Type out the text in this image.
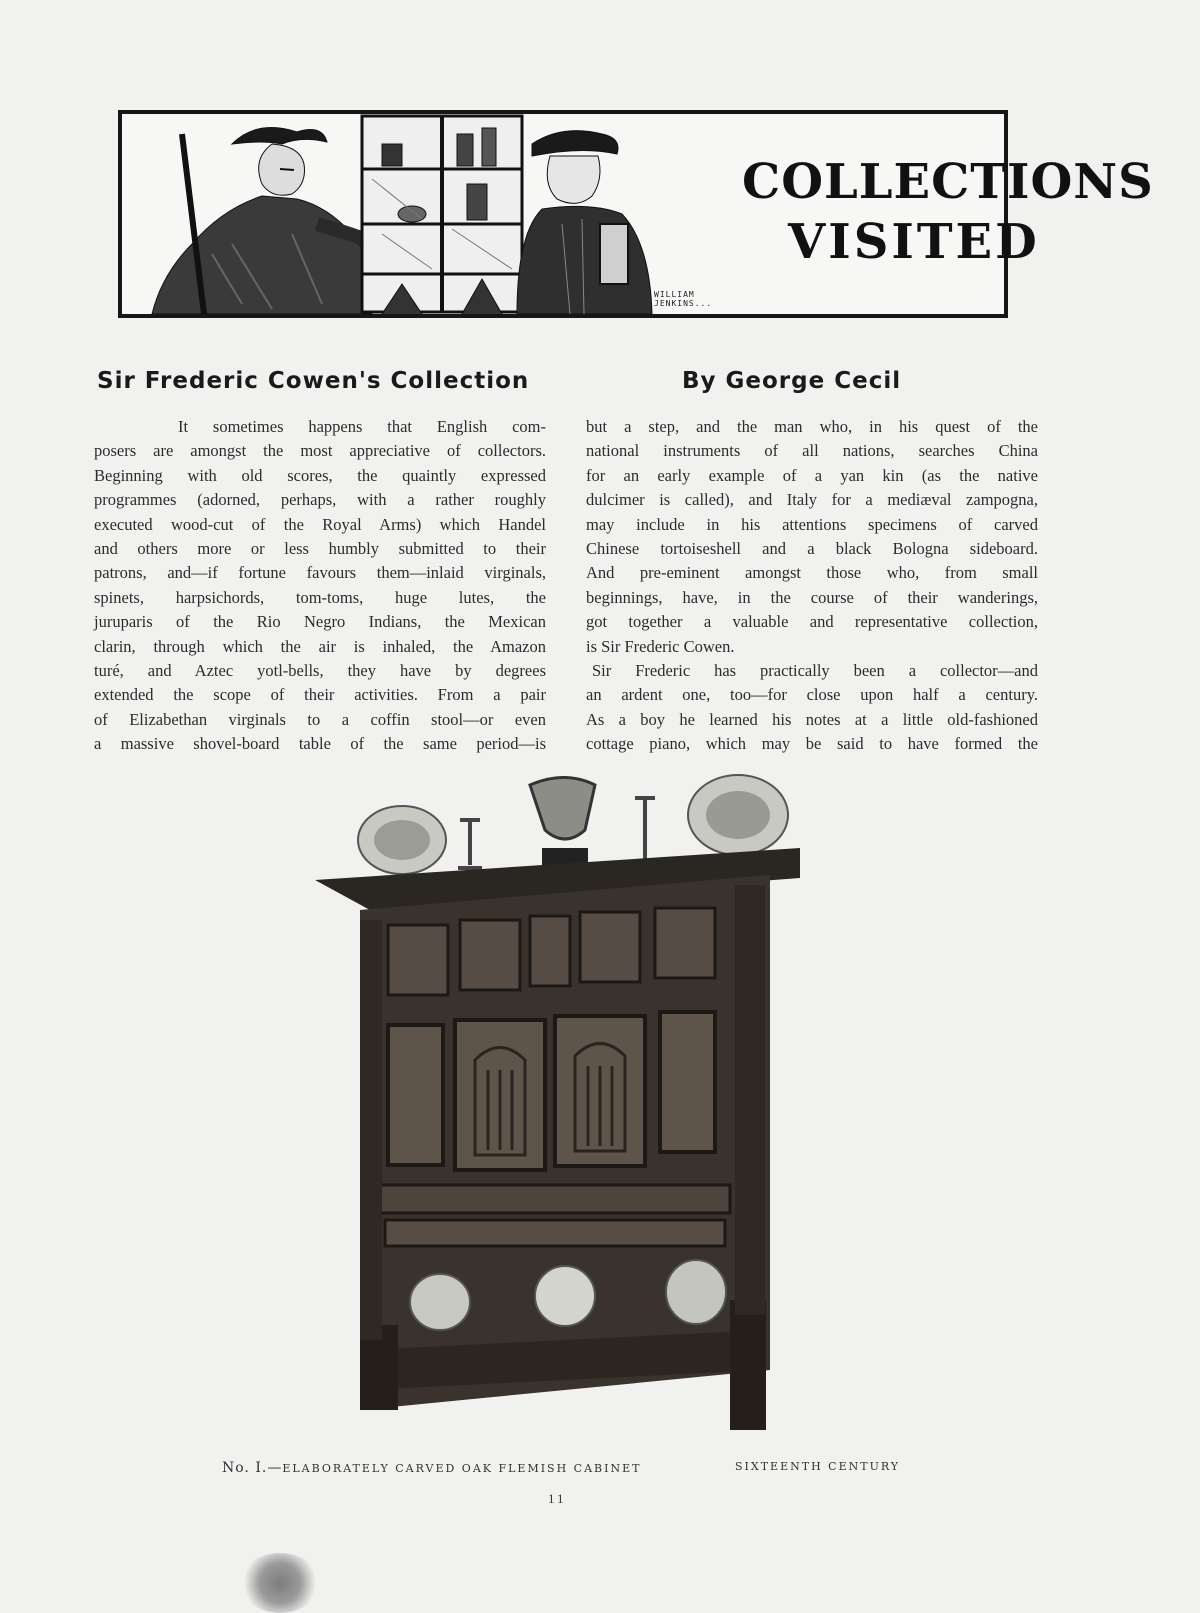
COLLECTIONS
VISITED
WILLIAM
JENKINS...
Sir Frederic Cowen's Collection	By George Cecil
It sometimes happens that English com-
posers are amongst the most appreciative of collectors.
Beginning with old scores, the quaintly expressed
programmes (adorned, perhaps, with a rather roughly
executed wood-cut of the Royal Arms) which Handel
and others more or less humbly submitted to their
patrons, and—if fortune favours them—inlaid virginals,
spinets, harpsichords, tom-toms, huge lutes, the
juruparis of the Rio Negro Indians, the Mexican
clarin, through which the air is inhaled, the Amazon
turé, and Aztec yotl-bells, they have by degrees
extended the scope of their activities. From a pair
of Elizabethan virginals to a coffin stool—or even
a massive shovel-board table of the same period—is
but a step, and the man who, in his quest of the
national instruments of all nations, searches China
for an early example of a yan kin (as the native
dulcimer is called), and Italy for a mediæval zampogna,
may include in his attentions specimens of carved
Chinese tortoiseshell and a black Bologna sideboard.
And pre-eminent amongst those who, from small
beginnings, have, in the course of their wanderings,
got together a valuable and representative collection,
is Sir Frederic Cowen.
Sir Frederic has practically been a collector—and
an ardent one, too—for close upon half a century.
As a boy he learned his notes at a little old-fashioned
cottage piano, which may be said to have formed the
No. I.—ELABORATELY CARVED OAK FLEMISH CABINET	SIXTEENTH CENTURY
11
